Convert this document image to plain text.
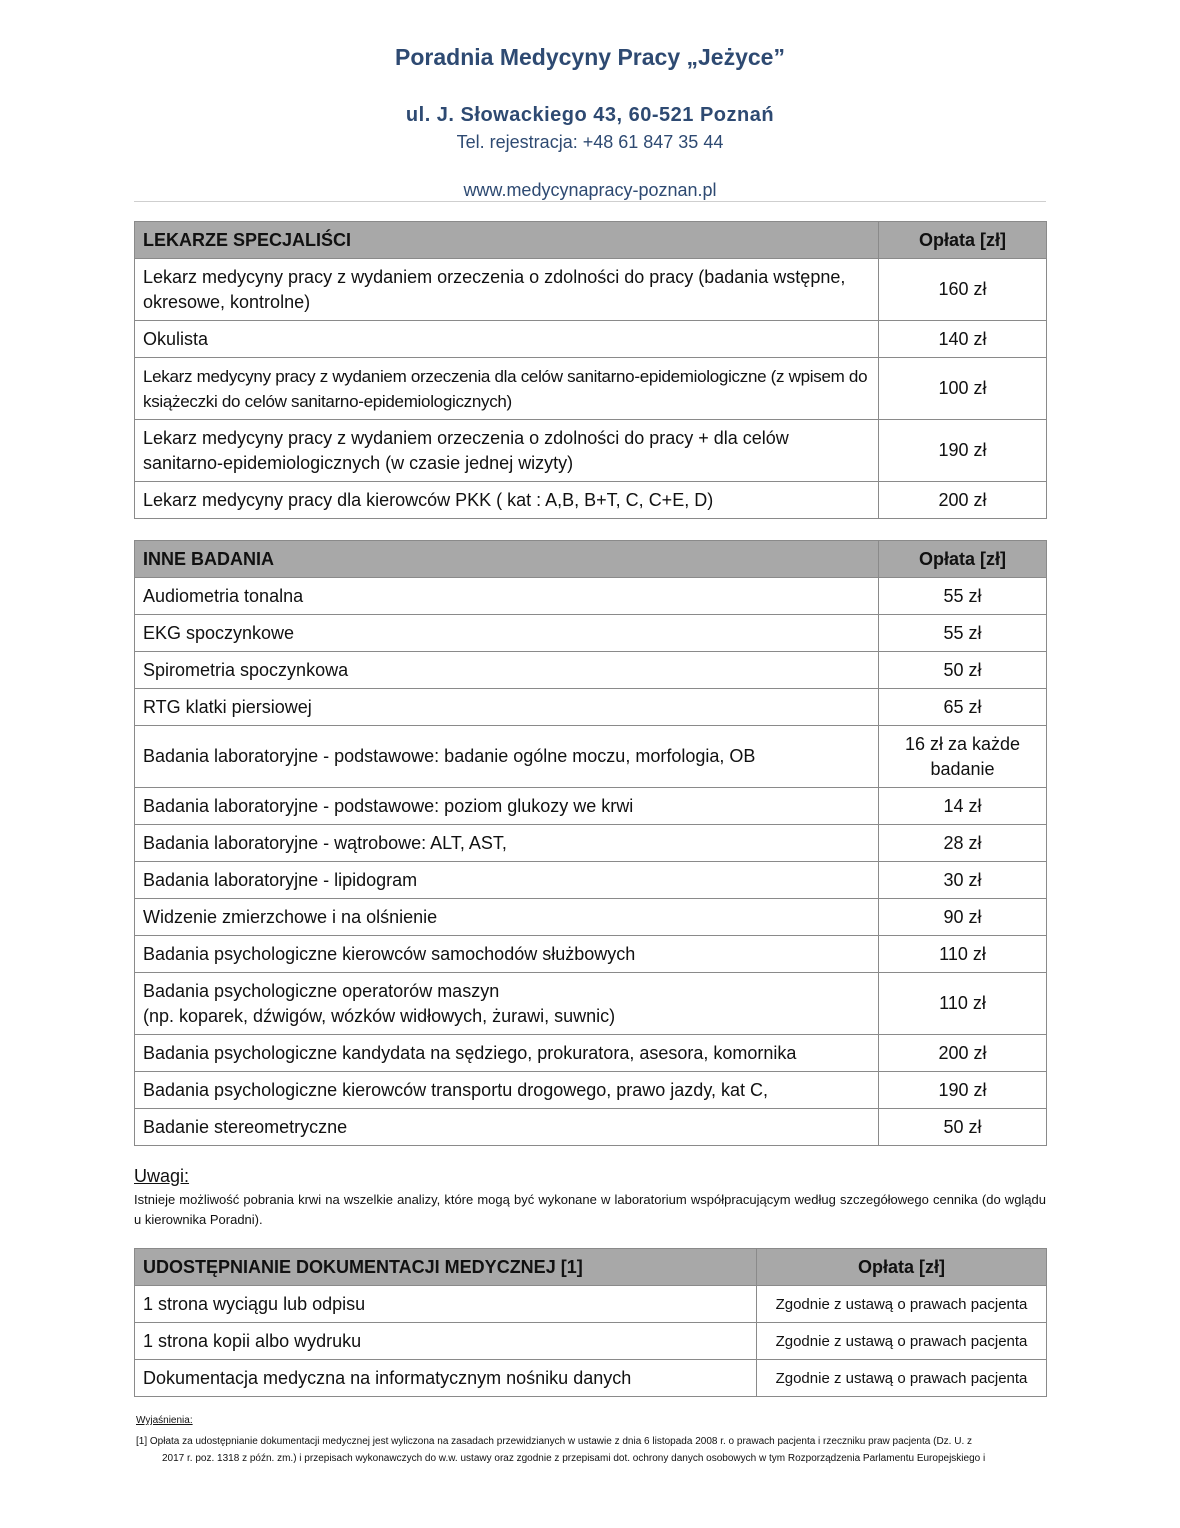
Poradnia Medycyny Pracy „Jeżyce”
ul. J. Słowackiego 43, 60-521 Poznań
Tel. rejestracja: +48 61 847 35 44
www.medycynapracy-poznan.pl
LEKARZE SPECJALIŚCI	Opłata [zł]
Lekarz medycyny pracy z wydaniem orzeczenia o zdolności do pracy (badania wstępne, okresowe, kontrolne)	160 zł
Okulista	140 zł
Lekarz medycyny pracy z wydaniem orzeczenia dla celów sanitarno-epidemiologiczne (z wpisem do książeczki do celów sanitarno-epidemiologicznych)	100 zł
Lekarz medycyny pracy z wydaniem orzeczenia o zdolności do pracy + dla celów sanitarno-epidemiologicznych (w czasie jednej wizyty)	190 zł
Lekarz medycyny pracy dla kierowców PKK ( kat : A,B, B+T, C, C+E, D)	200 zł
INNE BADANIA	Opłata [zł]
Audiometria tonalna	55 zł
EKG spoczynkowe	55 zł
Spirometria spoczynkowa	50 zł
RTG klatki piersiowej	65 zł
Badania laboratoryjne - podstawowe: badanie ogólne moczu, morfologia, OB	16 zł za każde badanie
Badania laboratoryjne - podstawowe: poziom glukozy we krwi	14 zł
Badania laboratoryjne - wątrobowe: ALT, AST,	28 zł
Badania laboratoryjne - lipidogram	30 zł
Widzenie zmierzchowe i na olśnienie	90 zł
Badania psychologiczne kierowców samochodów służbowych	110 zł

Badania psychologiczne operatorów maszyn
(np. koparek, dźwigów, wózków widłowych, żurawi, suwnic)	110 zł
Badania psychologiczne kandydata na sędziego, prokuratora, asesora, komornika	200 zł

Badania psychologiczne kierowców transportu drogowego, prawo jazdy, kat C,	190 zł
Badanie stereometryczne	50 zł
Uwagi:
Istnieje możliwość pobrania krwi na wszelkie analizy, które mogą być wykonane w laboratorium współpracującym według szczegółowego cennika (do wglądu u kierownika Poradni).
UDOSTĘPNIANIE DOKUMENTACJI MEDYCZNEJ [1]	Opłata [zł]
1 strona wyciągu lub odpisu	Zgodnie z ustawą o prawach pacjenta
1 strona kopii albo wydruku	Zgodnie z ustawą o prawach pacjenta
Dokumentacja medyczna na informatycznym nośniku danych	Zgodnie z ustawą o prawach pacjenta
Wyjaśnienia:
[1] Opłata za udostępnianie dokumentacji medycznej jest wyliczona na zasadach przewidzianych w ustawie z dnia 6 listopada 2008 r. o prawach pacjenta i rzeczniku praw pacjenta (Dz. U. z
2017 r. poz. 1318 z późn. zm.) i przepisach wykonawczych do w.w. ustawy oraz zgodnie z przepisami dot. ochrony danych osobowych w tym Rozporządzenia Parlamentu Europejskiego i
